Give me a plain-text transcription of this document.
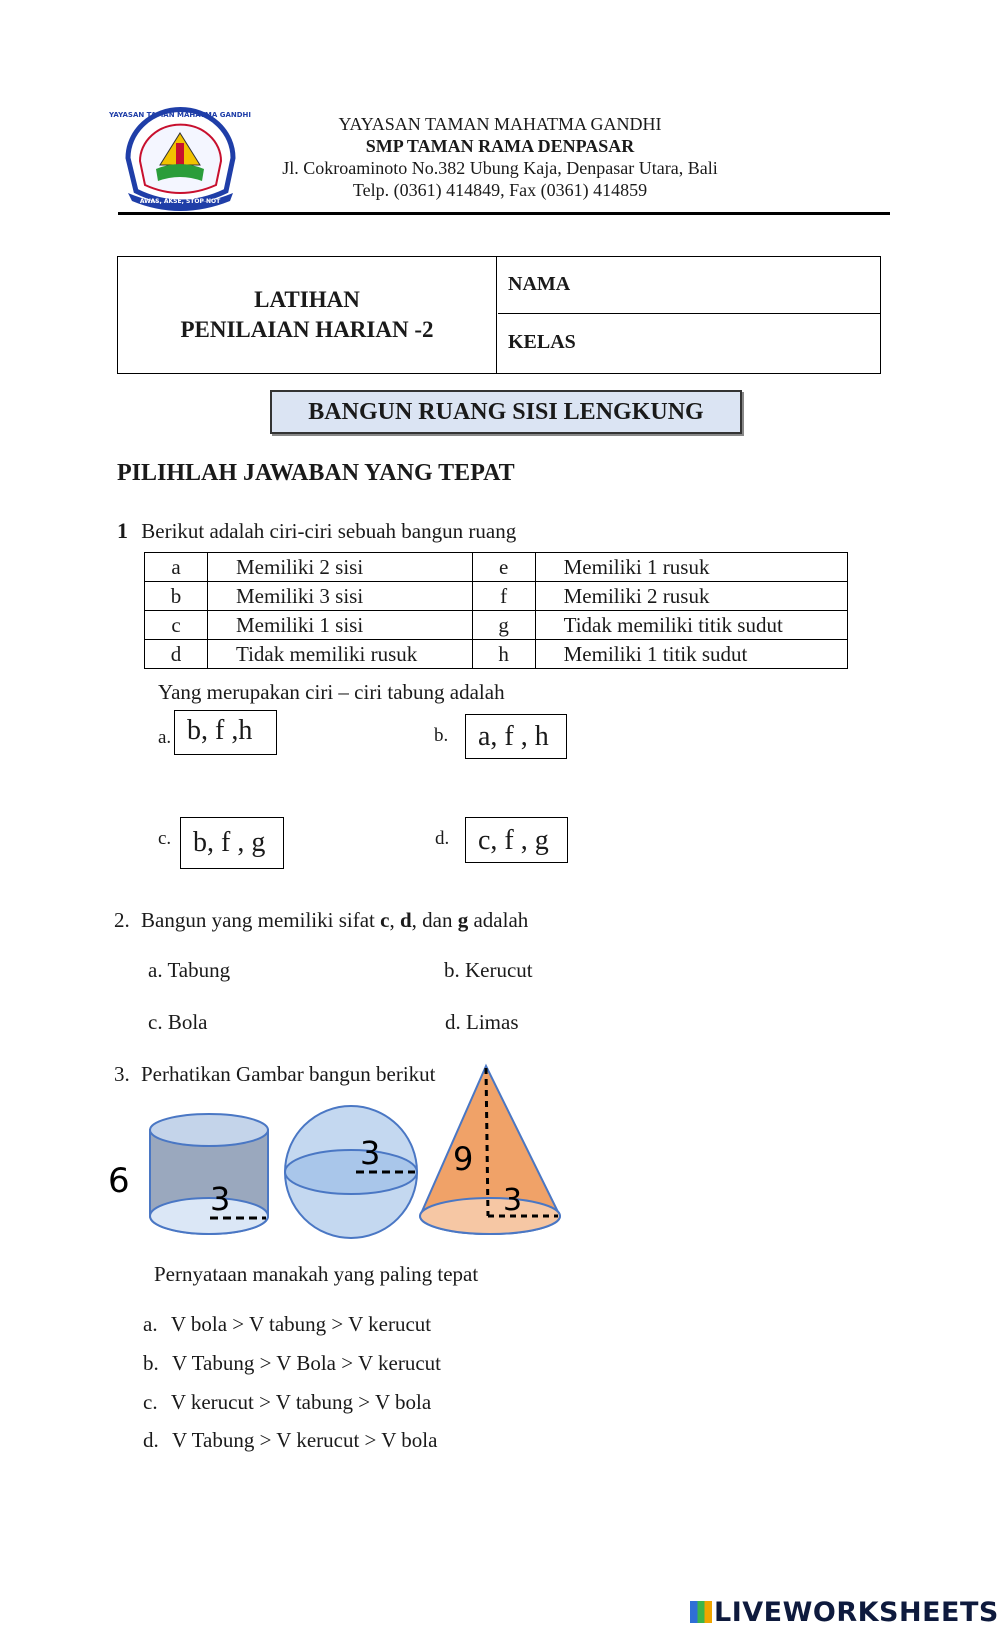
AWAS, AKSE, STOP NOT
YAYASAN TAMAN MAHATMA GANDHI	YAYASAN TAMAN MAHATMA GANDHI
SMP TAMAN RAMA DENPASAR
Jl. Cokroaminoto No.382 Ubung Kaja, Denpasar Utara, Bali
Telp. (0361) 414849, Fax (0361) 414859
LATIHAN
PENILAIAN HARIAN -2
NAMA
KELAS
BANGUN RUANG SISI LENGKUNG
PILIHLAH JAWABAN YANG TEPAT
1 Berikut adalah ciri-ciri sebuah bangun ruang
a	Memiliki 2 sisi	e	Memiliki 1 rusuk
b	Memiliki 3 sisi	f	Memiliki 2 rusuk
c	Memiliki 1 sisi	g	Tidak memiliki titik sudut
d	Tidak memiliki rusuk	h	Memiliki 1 titik sudut
Yang merupakan ciri – ciri tabung adalah
a. b, f ,h	b.	a, f , h
c. b, f , g	d.	c, f , g
2. Bangun yang memiliki sifat c, d, dan g adalah
a. Tabung	b. Kerucut
c. Bola	d. Limas
3. Perhatikan Gambar bangun berikut
6	3
3 9
3
Pernyataan manakah yang paling tepat
a. V bola > V tabung > V kerucut
b. V Tabung > V Bola > V kerucut
c. V kerucut > V tabung > V bola
d. V Tabung > V kerucut > V bola
LIVEWORKSHEETS
